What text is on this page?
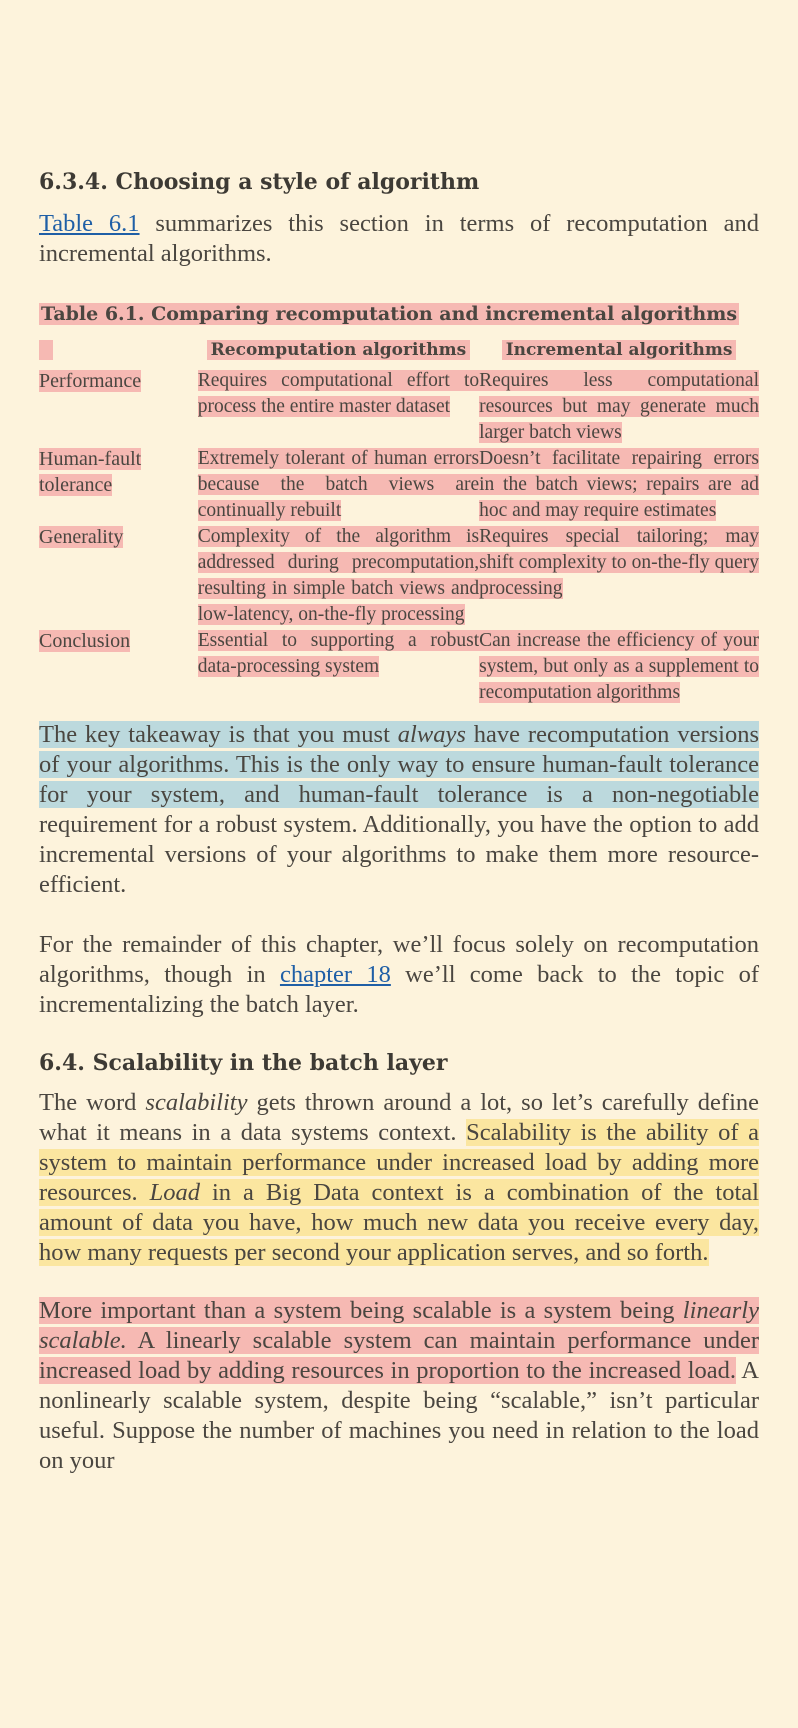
6.3.4. Choosing a style of algorithm

Table 6.1 summarizes this section in terms of recomputation and incremental algorithms.

Table 6.1. Comparing recomputation and incremental algorithms

	Recomputation algorithms	Incremental algorithms
Performance	Requires computational effort to process the entire master dataset	Requires less computational resources but may generate much larger batch views
Human-fault tolerance	Extremely tolerant of human errors because the batch views are continually rebuilt	Doesn’t facilitate repairing errors in the batch views; repairs are ad hoc and may require estimates
Generality	Complexity of the algorithm is addressed during precomputation, resulting in simple batch views and low-latency, on-the-fly processing	Requires special tailoring; may shift complexity to on-the-fly query processing
Conclusion	Essential to supporting a robust data-processing system	Can increase the efficiency of your system, but only as a supplement to recomputation algorithms

The key takeaway is that you must always have recomputation versions of your algorithms. This is the only way to ensure human-fault tolerance for your system, and human-fault tolerance is a non-negotiable requirement for a robust system. Additionally, you have the option to add incremental versions of your algorithms to make them more resource-efficient.

For the remainder of this chapter, we’ll focus solely on recomputation algorithms, though in chapter 18 we’ll come back to the topic of incrementalizing the batch layer.

6.4. Scalability in the batch layer

The word scalability gets thrown around a lot, so let’s carefully define what it means in a data systems context. Scalability is the ability of a system to maintain performance under increased load by adding more resources. Load in a Big Data context is a combination of the total amount of data you have, how much new data you receive every day, how many requests per second your application serves, and so forth.

More important than a system being scalable is a system being linearly scalable. A linearly scalable system can maintain performance under increased load by adding resources in proportion to the increased load. A nonlinearly scalable system, despite being “scalable,” isn’t particular useful. Suppose the number of machines you need in relation to the load on your
